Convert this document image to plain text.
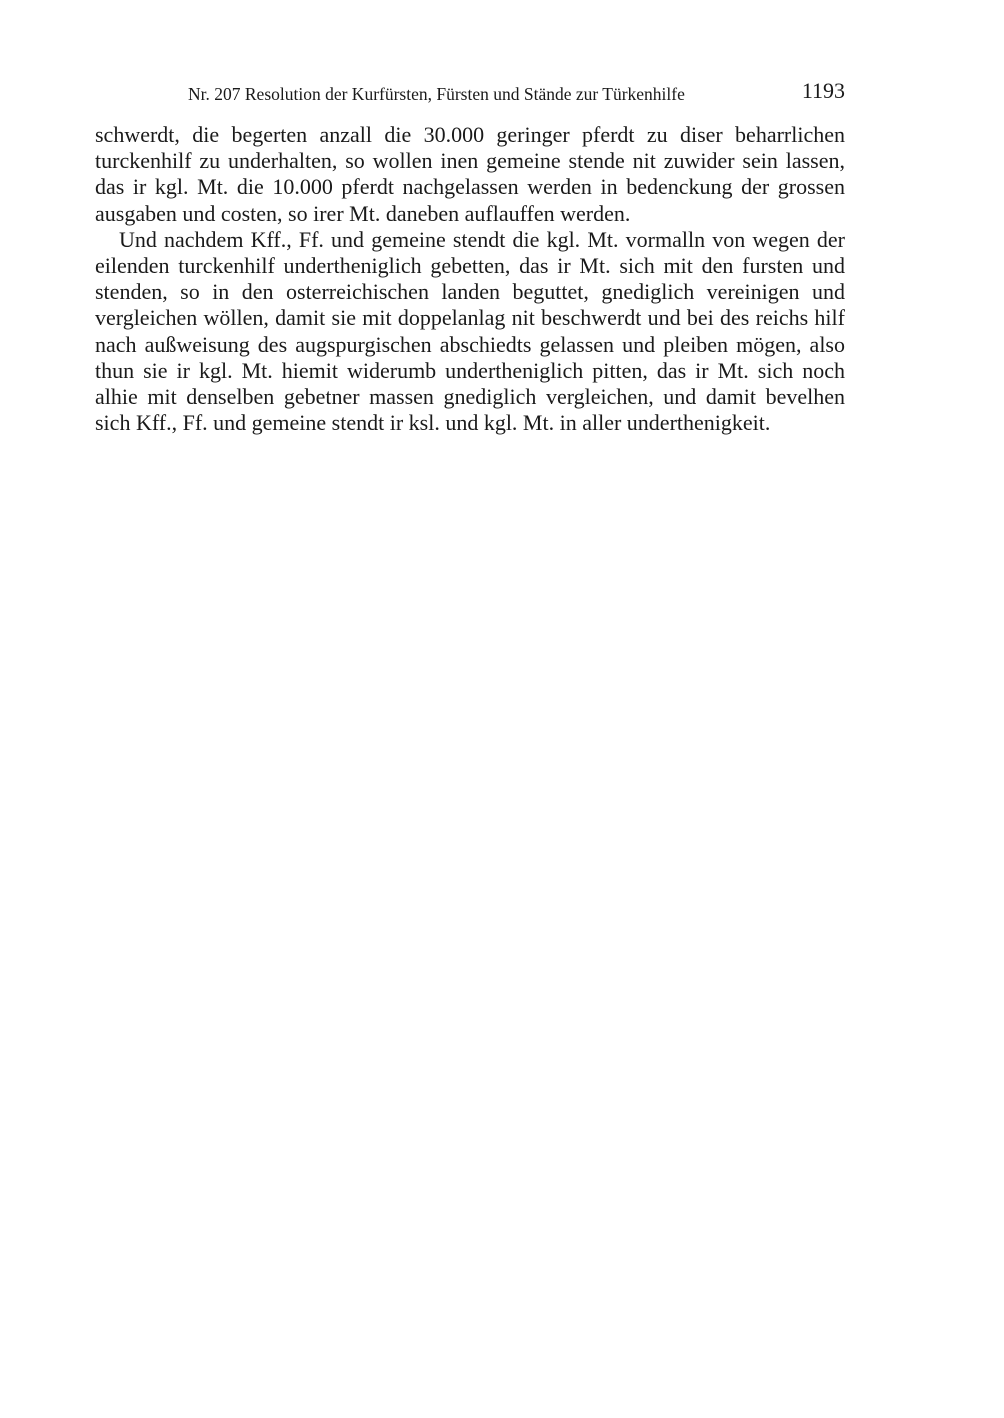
Nr. 207 Resolution der Kurfürsten, Fürsten und Stände zur Türkenhilfe	1193

schwerdt, die begerten anzall die 30.000 geringer pferdt zu diser beharrlichen turckenhilf zu underhalten, so wollen inen gemeine stende nit zuwider sein lassen, das ir kgl. Mt. die 10.000 pferdt nachgelassen werden in bedenckung der grossen ausgaben und costen, so irer Mt. daneben auflauffen werden.

Und nachdem Kff., Ff. und gemeine stendt die kgl. Mt. vormalln von wegen der eilenden turckenhilf undertheniglich gebetten, das ir Mt. sich mit den fursten und stenden, so in den osterreichischen landen beguttet, gnediglich vereinigen und vergleichen wöllen, damit sie mit doppelanlag nit beschwerdt und bei des reichs hilf nach außweisung des augspurgischen abschiedts gelassen und pleiben mögen, also thun sie ir kgl. Mt. hiemit widerumb undertheniglich pitten, das ir Mt. sich noch alhie mit denselben gebetner massen gnediglich vergleichen, und damit bevelhen sich Kff., Ff. und gemeine stendt ir ksl. und kgl. Mt. in aller underthenigkeit.
